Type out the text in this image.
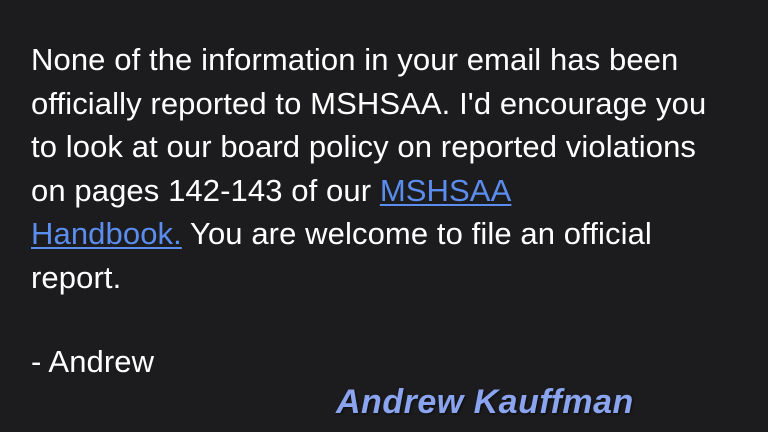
None of the information in your email has been
officially reported to MSHSAA. I'd encourage you
to look at our board policy on reported violations
on pages 142-143 of our MSHSAA
Handbook. You are welcome to file an official
report.
- Andrew
Andrew Kauffman
